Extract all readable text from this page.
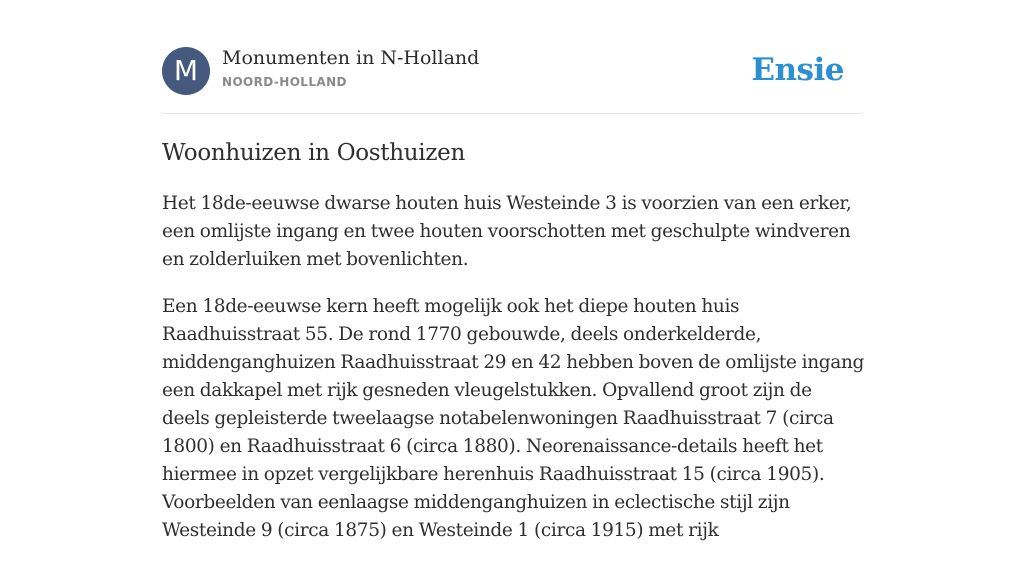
M	Monumenten in N-Holland
NOORD-HOLLAND	Ensie
Woonhuizen in Oosthuizen

Het 18de-eeuwse dwarse houten huis Westeinde 3 is voorzien van een erker, een omlijste ingang en twee houten voorschotten met geschulpte windveren en zolderluiken met bovenlichten.

Een 18de-eeuwse kern heeft mogelijk ook het diepe houten huis Raadhuisstraat 55. De rond 1770 gebouwde, deels onderkelderde, middenganghuizen Raadhuisstraat 29 en 42 hebben boven de omlijste ingang een dakkapel met rijk gesneden vleugelstukken. Opvallend groot zijn de deels gepleisterde tweelaagse notabelenwoningen Raadhuisstraat 7 (circa 1800) en Raadhuisstraat 6 (circa 1880). Neorenaissance-details heeft het hiermee in opzet vergelijkbare herenhuis Raadhuisstraat 15 (circa 1905). Voorbeelden van eenlaagse middenganghuizen in eclectische stijl zijn Westeinde 9 (circa 1875) en Westeinde 1 (circa 1915) met rijk
